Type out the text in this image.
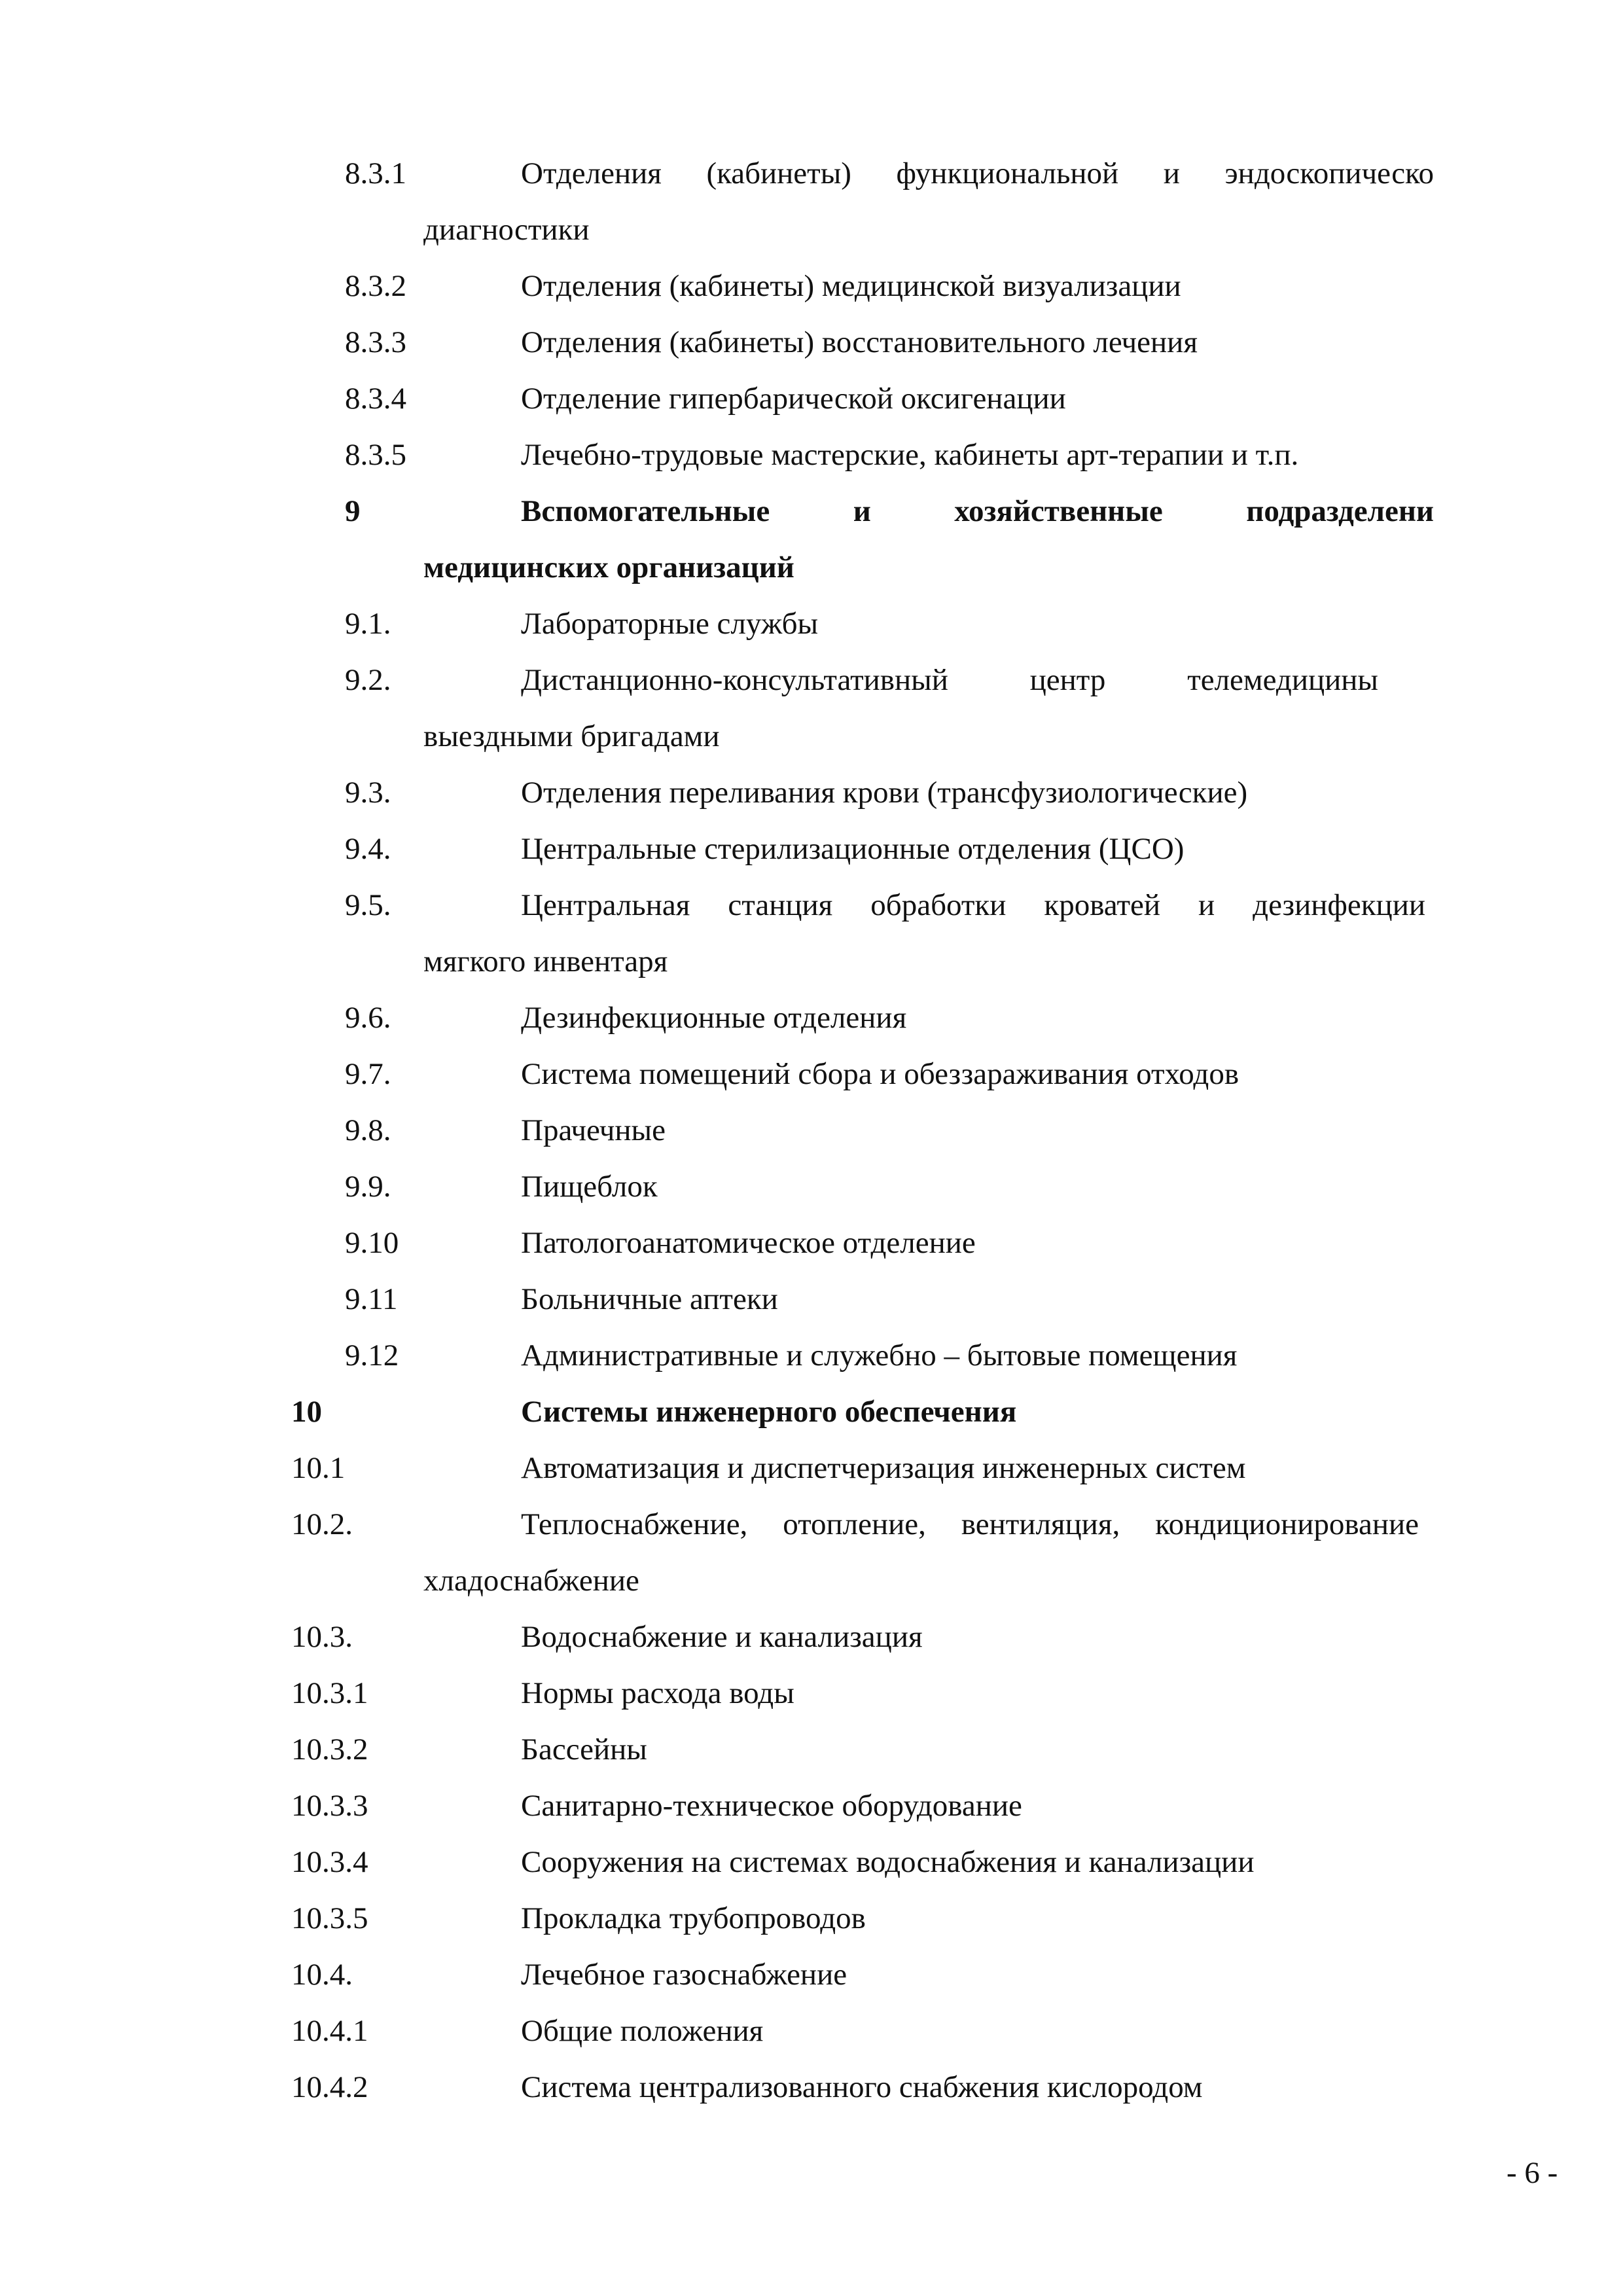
8.3.1	Отделения (кабинеты) функциональной и эндоскопическо
диагностики
8.3.2	Отделения (кабинеты) медицинской визуализации
8.3.3	Отделения (кабинеты) восстановительного лечения
8.3.4	Отделение гипербарической оксигенации
8.3.5	Лечебно-трудовые мастерские, кабинеты арт-терапии и т.п.
9	Вспомогательные и хозяйственные подразделени
медицинских организаций
9.1.	Лабораторные службы
9.2.	Дистанционно-консультативный центр телемедицины
выездными бригадами
9.3.	Отделения переливания крови (трансфузиологические)
9.4.	Центральные стерилизационные отделения (ЦСО)
9.5.	Центральная станция обработки кроватей и дезинфекции
мягкого инвентаря
9.6.	Дезинфекционные отделения
9.7.	Система помещений сбора и обеззараживания отходов
9.8.	Прачечные
9.9.	Пищеблок
9.10	Патологоанатомическое отделение
9.11	Больничные аптеки
9.12	Административные и служебно – бытовые помещения
10	Системы инженерного обеспечения
10.1	Автоматизация и диспетчеризация инженерных систем
10.2.	Теплоснабжение, отопление, вентиляция, кондиционирование
хладоснабжение
10.3.	Водоснабжение и канализация
10.3.1	Нормы расхода воды
10.3.2	Бассейны
10.3.3	Санитарно-техническое оборудование
10.3.4	Сооружения на системах водоснабжения и канализации
10.3.5	Прокладка трубопроводов
10.4.	Лечебное газоснабжение
10.4.1	Общие положения
10.4.2	Система централизованного снабжения кислородом
- 6 -
